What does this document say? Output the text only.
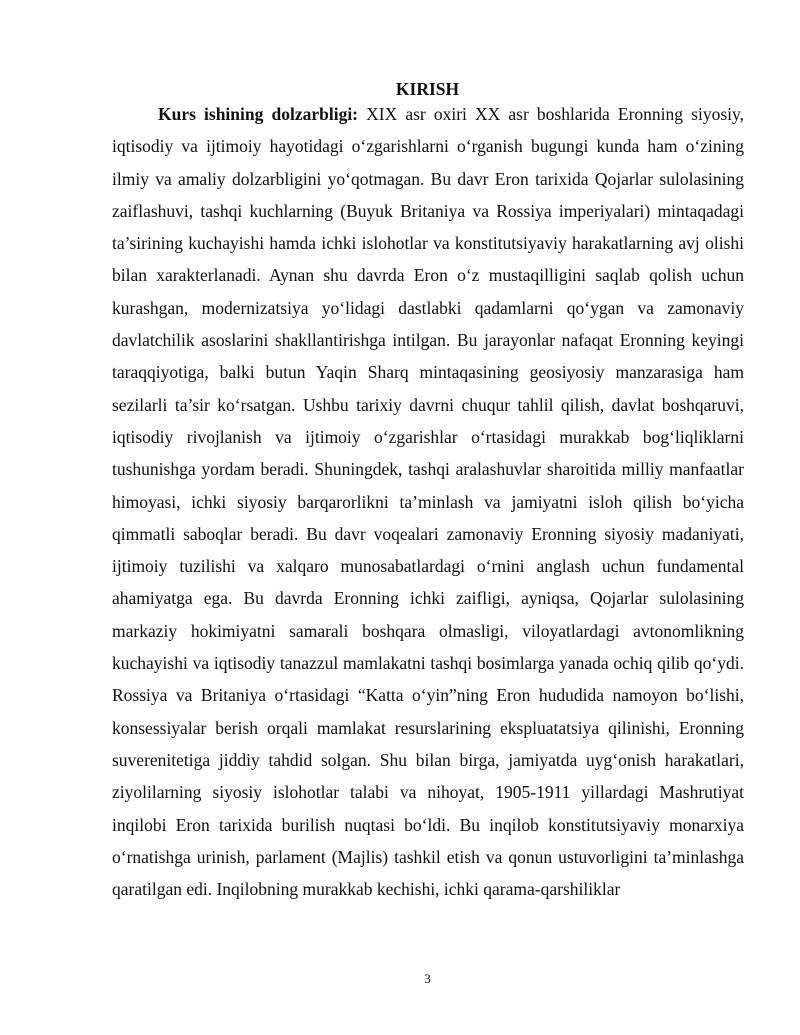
KIRISH

Kurs ishining dolzarbligi: XIX asr oxiri XX asr boshlarida Eronning siyosiy, iqtisodiy va ijtimoiy hayotidagi o‘zgarishlarni o‘rganish bugungi kunda ham o‘zining ilmiy va amaliy dolzarbligini yo‘qotmagan. Bu davr Eron tarixida Qojarlar sulolasining zaiflashuvi, tashqi kuchlarning (Buyuk Britaniya va Rossiya imperiyalari) mintaqadagi ta’sirining kuchayishi hamda ichki islohotlar va konstitutsiyaviy harakatlarning avj olishi bilan xarakterlanadi. Aynan shu davrda Eron o‘z mustaqilligini saqlab qolish uchun kurashgan, modernizatsiya yo‘lidagi dastlabki qadamlarni qo‘ygan va zamonaviy davlatchilik asoslarini shakllantirishga intilgan. Bu jarayonlar nafaqat Eronning keyingi taraqqiyotiga, balki butun Yaqin Sharq mintaqasining geosiyosiy manzarasiga ham sezilarli ta’sir ko‘rsatgan. Ushbu tarixiy davrni chuqur tahlil qilish, davlat boshqaruvi, iqtisodiy rivojlanish va ijtimoiy o‘zgarishlar o‘rtasidagi murakkab bog‘liqliklarni tushunishga yordam beradi. Shuningdek, tashqi aralashuvlar sharoitida milliy manfaatlar himoyasi, ichki siyosiy barqarorlikni ta’minlash va jamiyatni isloh qilish bo‘yicha qimmatli saboqlar beradi. Bu davr voqealari zamonaviy Eronning siyosiy madaniyati, ijtimoiy tuzilishi va xalqaro munosabatlardagi o‘rnini anglash uchun fundamental ahamiyatga ega. Bu davrda Eronning ichki zaifligi, ayniqsa, Qojarlar sulolasining markaziy hokimiyatni samarali boshqara olmasligi, viloyatlardagi avtonomlikning kuchayishi va iqtisodiy tanazzul mamlakatni tashqi bosimlarga yanada ochiq qilib qo‘ydi. Rossiya va Britaniya o‘rtasidagi “Katta o‘yin”ning Eron hududida namoyon bo‘lishi, konsessiyalar berish orqali mamlakat resurslarining ekspluatatsiya qilinishi, Eronning suverenitetiga jiddiy tahdid solgan. Shu bilan birga, jamiyatda uyg‘onish harakatlari, ziyolilarning siyosiy islohotlar talabi va nihoyat, 1905-1911 yillardagi Mashrutiyat inqilobi Eron tarixida burilish nuqtasi bo‘ldi. Bu inqilob konstitutsiyaviy monarxiya o‘rnatishga urinish, parlament (Majlis) tashkil etish va qonun ustuvorligini ta’minlashga qaratilgan edi. Inqilobning murakkab kechishi, ichki qarama-qarshiliklar

3
